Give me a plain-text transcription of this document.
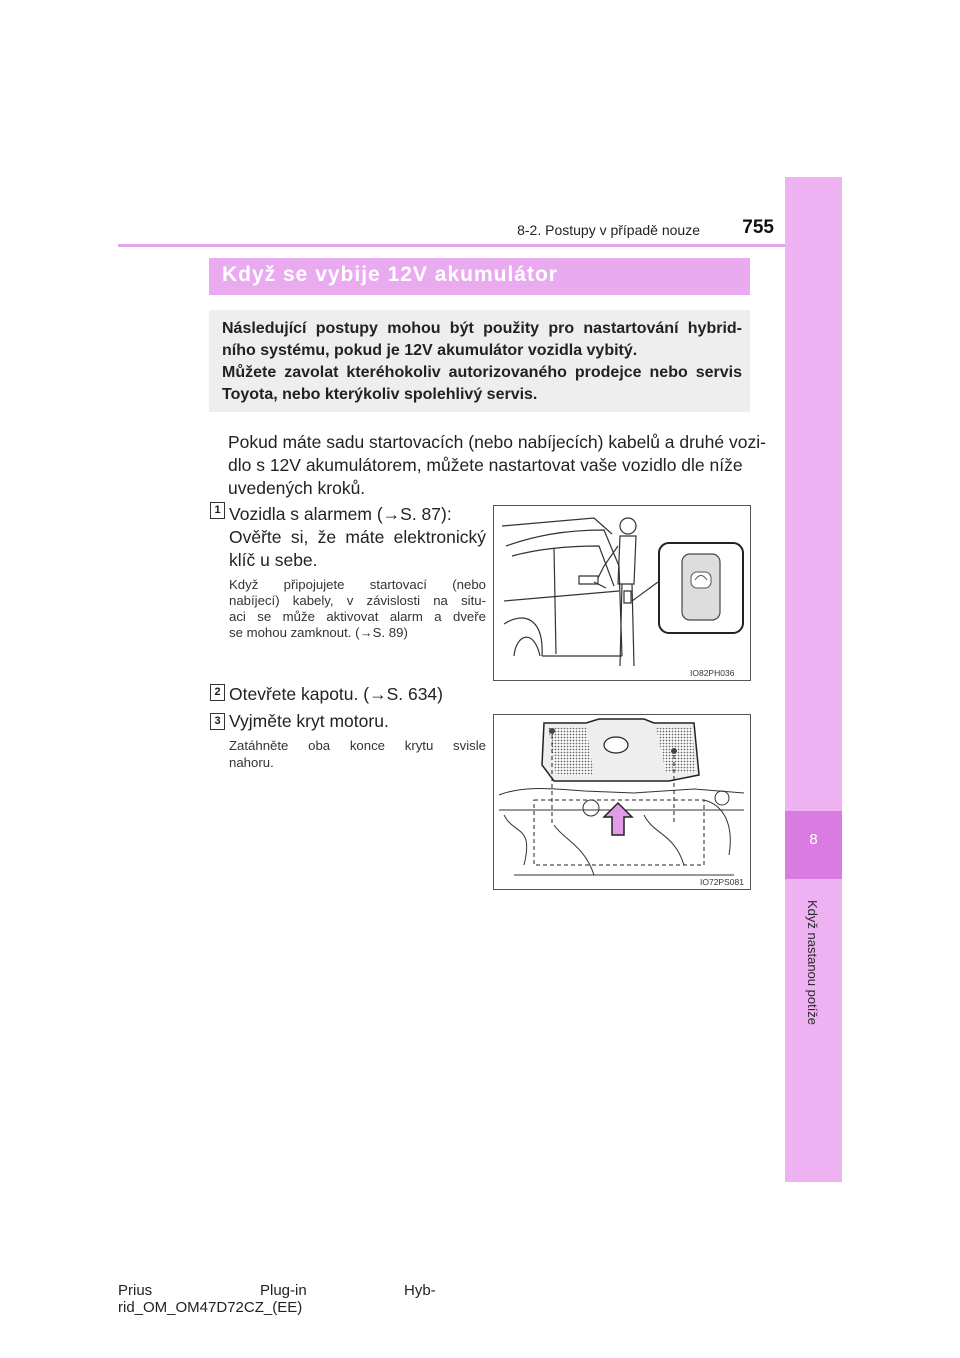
8
Když nastanou potíže
8-2. Postupy v případě nouze	755
Když se vybije 12V akumulátor
Následující postupy mohou být použity pro nastartování hybrid-
ního systému, pokud je 12V akumulátor vozidla vybitý.
Můžete zavolat kteréhokoliv autorizovaného prodejce nebo servis
Toyota, nebo kterýkoliv spolehlivý servis.
Pokud máte sadu startovacích (nebo nabíjecích) kabelů a druhé vozi-
dlo s 12V akumulátorem, můžete nastartovat vaše vozidlo dle níže
uvedených kroků.
1 Vozidla s alarmem (→S. 87):
Ověřte si, že máte elektronický
klíč u sebe.
Když připojujete startovací (nebo
nabíjecí) kabely, v závislosti na situ-
aci se může aktivovat alarm a dveře
se mohou zamknout. (→S. 89)
IO82PH036
2 Otevřete kapotu. (→S. 634)
3 Vyjměte kryt motoru.
Zatáhněte oba konce krytu svisle
nahoru.
IO72PS081
Prius	Plug-in	Hyb-
rid_OM_OM47D72CZ_(EE)
